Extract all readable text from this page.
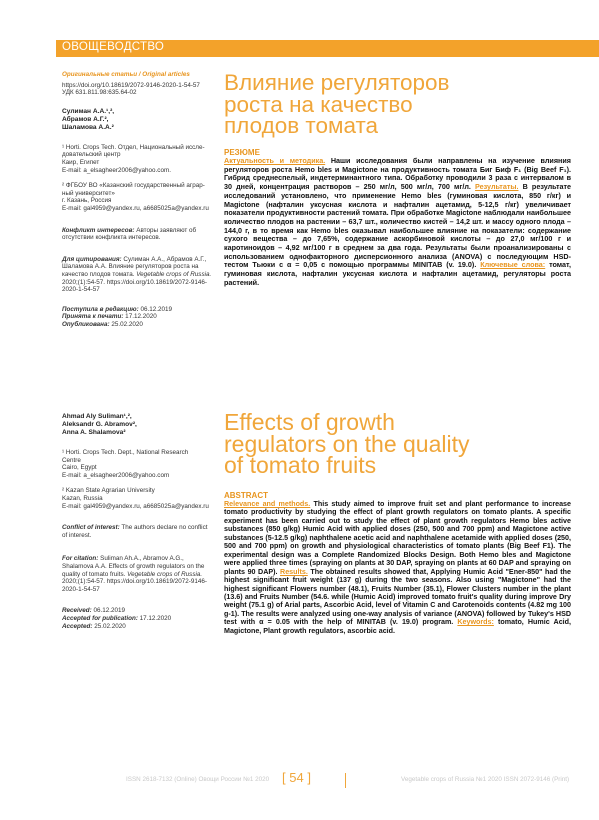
ОВОЩЕВОДСТВО

Оригинальные статьи / Original articles

https://doi.org/10.18619/2072-9146-2020-1-54-57

УДК 631.811.98:635.64-02

Сулиман А.А.¹,²,
Абрамов А.Г.²,
Шаламова А.А.²
¹ Horti. Crops Tech. Отдел, Национальный иссле-
довательский центр
Каир, Египет
E-mail: a_elsagheer2006@yahoo.com.
² ФГБОУ ВО «Казанский государственный аграр-
ный университет»
г. Казань, Россия
E-mail: gal4959@yandex.ru, a6685025a@yandex.ru

Конфликт интересов: Авторы заявляют об отсутствии конфликта интересов.

Для цитирования: Сулиман А.А., Абрамов А.Г., Шаламова А.А. Влияние регуляторов роста на качество плодов томата. Vegetable crops of Russia. 2020;(1):54-57. https://doi.org/10.18619/2072-9146-2020-1-54-57

Поступила в редакцию: 06.12.2019

Принята к печати: 17.12.2020

Опубликована: 25.02.2020

Влияние регуляторов
роста на качество
плодов томата
РЕЗЮМЕ
Актуальность и методика. Наши исследования были направлены на изучение влияния регуляторов роста Hemo bles и Magictone на продуктивность томата Биг Биф F₁ (Big Beef F₁). Гибрид среднеспелый, индетерминантного типа. Обработку проводили 3 раза с интервалом в 30 дней, концентрация растворов – 250 мг/л, 500 мг/л, 700 мг/л. Результаты. В результате исследований установлено, что применение Hemo bles (гуминовая кислота, 850 г/кг) и Magictone (нафталин уксусная кислота и нафталин ацетамид, 5-12,5 г/кг) увеличивает показатели продуктивности растений томата. При обработке Magictone наблюдали наибольшее количество плодов на растении – 63,7 шт., количество кистей – 14,2 шт. и массу одного плода – 144,0 г, в то время как Hemo bles оказывал наибольшее влияние на показатели: содержание сухого вещества – до 7,65%, содержание аскорбиновой кислоты – до 27,0 мг/100 г и каротиноидов – 4,92 мг/100 г в среднем за два года. Результаты были проанализированы с использованием однофакторного дисперсионного анализа (ANOVA) с последующим HSD-тестом Тьюки с α = 0,05 с помощью программы MINITAB (v. 19.0). Ключевые слова: томат, гуминовая кислота, нафталин уксусная кислота и нафталин ацетамид, регуляторы роста растений.
Ahmad Aly Suliman¹,²,
Aleksandr G. Abramov²,
Anna A. Shalamova²
¹ Horti. Crops Tech. Dept., National Research
Centre
Cairo, Egypt
E-mail: a_elsagheer2006@yahoo.com
² Kazan State Agrarian University
Kazan, Russia
E-mail: gal4959@yandex.ru, a6685025a@yandex.ru

Conflict of interest: The authors declare no conflict of interest.

For citation: Suliman Ah.A., Abramov A.G., Shalamova A.A. Effects of growth regulators on the quality of tomato fruits. Vegetable crops of Russia. 2020;(1):54-57. https://doi.org/10.18619/2072-9146-2020-1-54-57

Received: 06.12.2019

Accepted for publication: 17.12.2020

Accepted: 25.02.2020

Effects of growth
regulators on the quality
of tomato fruits
ABSTRACT
Relevance and methods. This study aimed to improve fruit set and plant performance to increase tomato productivity by studying the effect of plant growth regulators on tomato plants. A specific experiment has been carried out to study the effect of plant growth regulators Hemo bles active substances (850 g/kg) Humic Acid with applied doses (250, 500 and 700 ppm) and Magictone active substances (5-12.5 g/kg) naphthalene acetic acid and naphthalene acetamide with applied doses (250, 500 and 700 ppm) on growth and physiological characteristics of tomato plants (Big Beef F1). The experimental design was a Complete Randomized Blocks Design. Both Hemo bles and Magictone were applied three times (spraying on plants at 30 DAP, spraying on plants at 60 DAP and spraying on plants 90 DAP). Results. The obtained results showed that, Applying Humic Acid "Ener-850" had the highest significant fruit weight (137 g) during the two seasons. Also using "Magictone" had the highest significant Flowers number (48.1), Fruits Number (35.1), Flower Clusters number in the plant (13.6) and Fruits Number (54.6. while (Humic Acid) improved tomato fruit's quality during improve Dry weight (75.1 g) of Arial parts, Ascorbic Acid, level of Vitamin C and Carotenoids contents (4.82 mg 100 g-1). The results were analyzed using one-way analysis of variance (ANOVA) followed by Tukey's HSD test with α = 0.05 with the help of MINITAB (v. 19.0) program. Keywords: tomato, Humic Acid, Magictone, Plant growth regulators, ascorbic acid.
ISSN 2618-7132 (Online) Овощи России №1 2020 [ 54 ]	Vegetable crops of Russia №1 2020 ISSN 2072-9146 (Print)
